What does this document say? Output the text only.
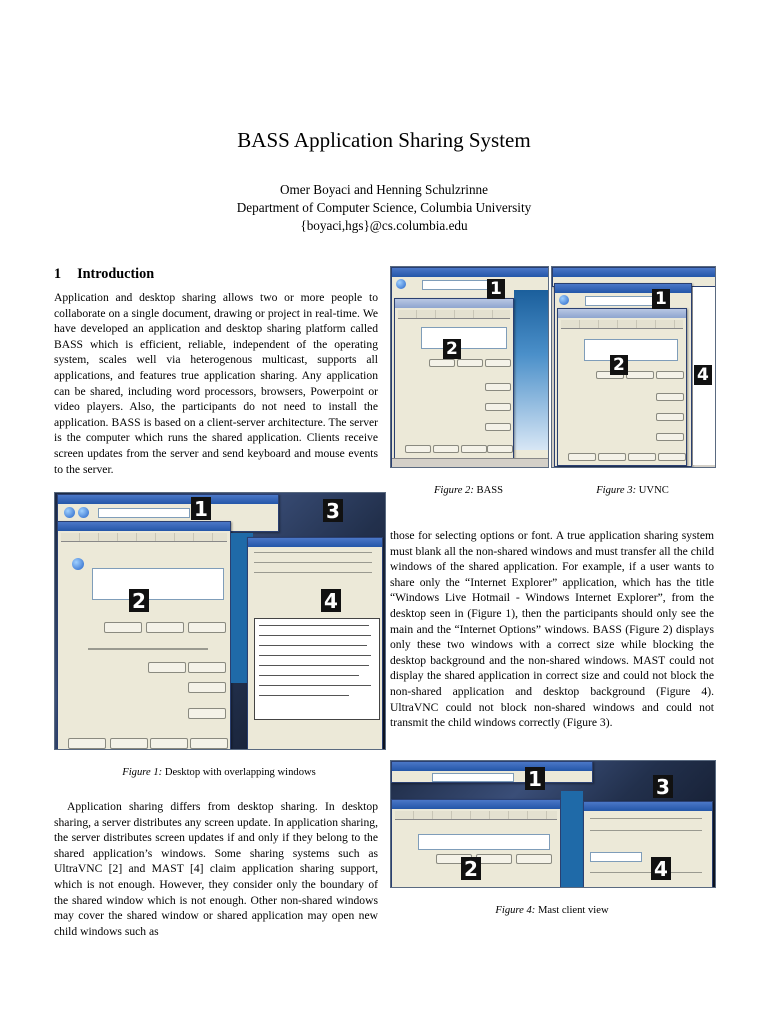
BASS Application Sharing System
Omer Boyaci and Henning Schulzrinne
Department of Computer Science, Columbia University
{boyaci,hgs}@cs.columbia.edu
1 Introduction

Application and desktop sharing allows two or more people to collaborate on a single document, drawing or project in real-time. We have developed an application and desktop sharing platform called BASS which is efficient, reliable, independent of the operating system, scales well via heterogenous multicast, supports all applications, and features true application sharing. Any application can be shared, including word processors, browsers, Powerpoint or video players. Also, the participants do not need to install the application. BASS is based on a client-server architecture. The server is the computer which runs the shared application. Clients receive screen updates from the server and send keyboard and mouse events to the server.

1
2
3
4
Figure 1: Desktop with overlapping windows

Application sharing differs from desktop sharing. In desktop sharing, a server distributes any screen update. In application sharing, the server distributes screen updates if and only if they belong to the shared application’s windows. Some sharing systems such as UltraVNC [2] and MAST [4] claim application sharing support, which is not enough. However, they consider only the boundary of the shared window which is not enough. Other non-shared windows may cover the shared window or shared application may open new child windows such as

1
2
Figure 2: BASS
1
2	4
Figure 3: UVNC

those for selecting options or font. A true application sharing system must blank all the non-shared windows and must transfer all the child windows of the shared application. For example, if a user wants to share only the “Internet Explorer” application, which has the title “Windows Live Hotmail - Windows Internet Explorer”, from the desktop seen in (Figure 1), then the participants should only see the main and the “Internet Options” windows. BASS (Figure 2) displays only these two windows with a correct size while blocking the desktop background and the non-shared windows. MAST could not display the shared application in correct size and could not block the non-shared application and desktop background (Figure 4). UltraVNC could not block non-shared windows and could not transmit the child windows correctly (Figure 3).

1
2
3
4
Figure 4: Mast client view
